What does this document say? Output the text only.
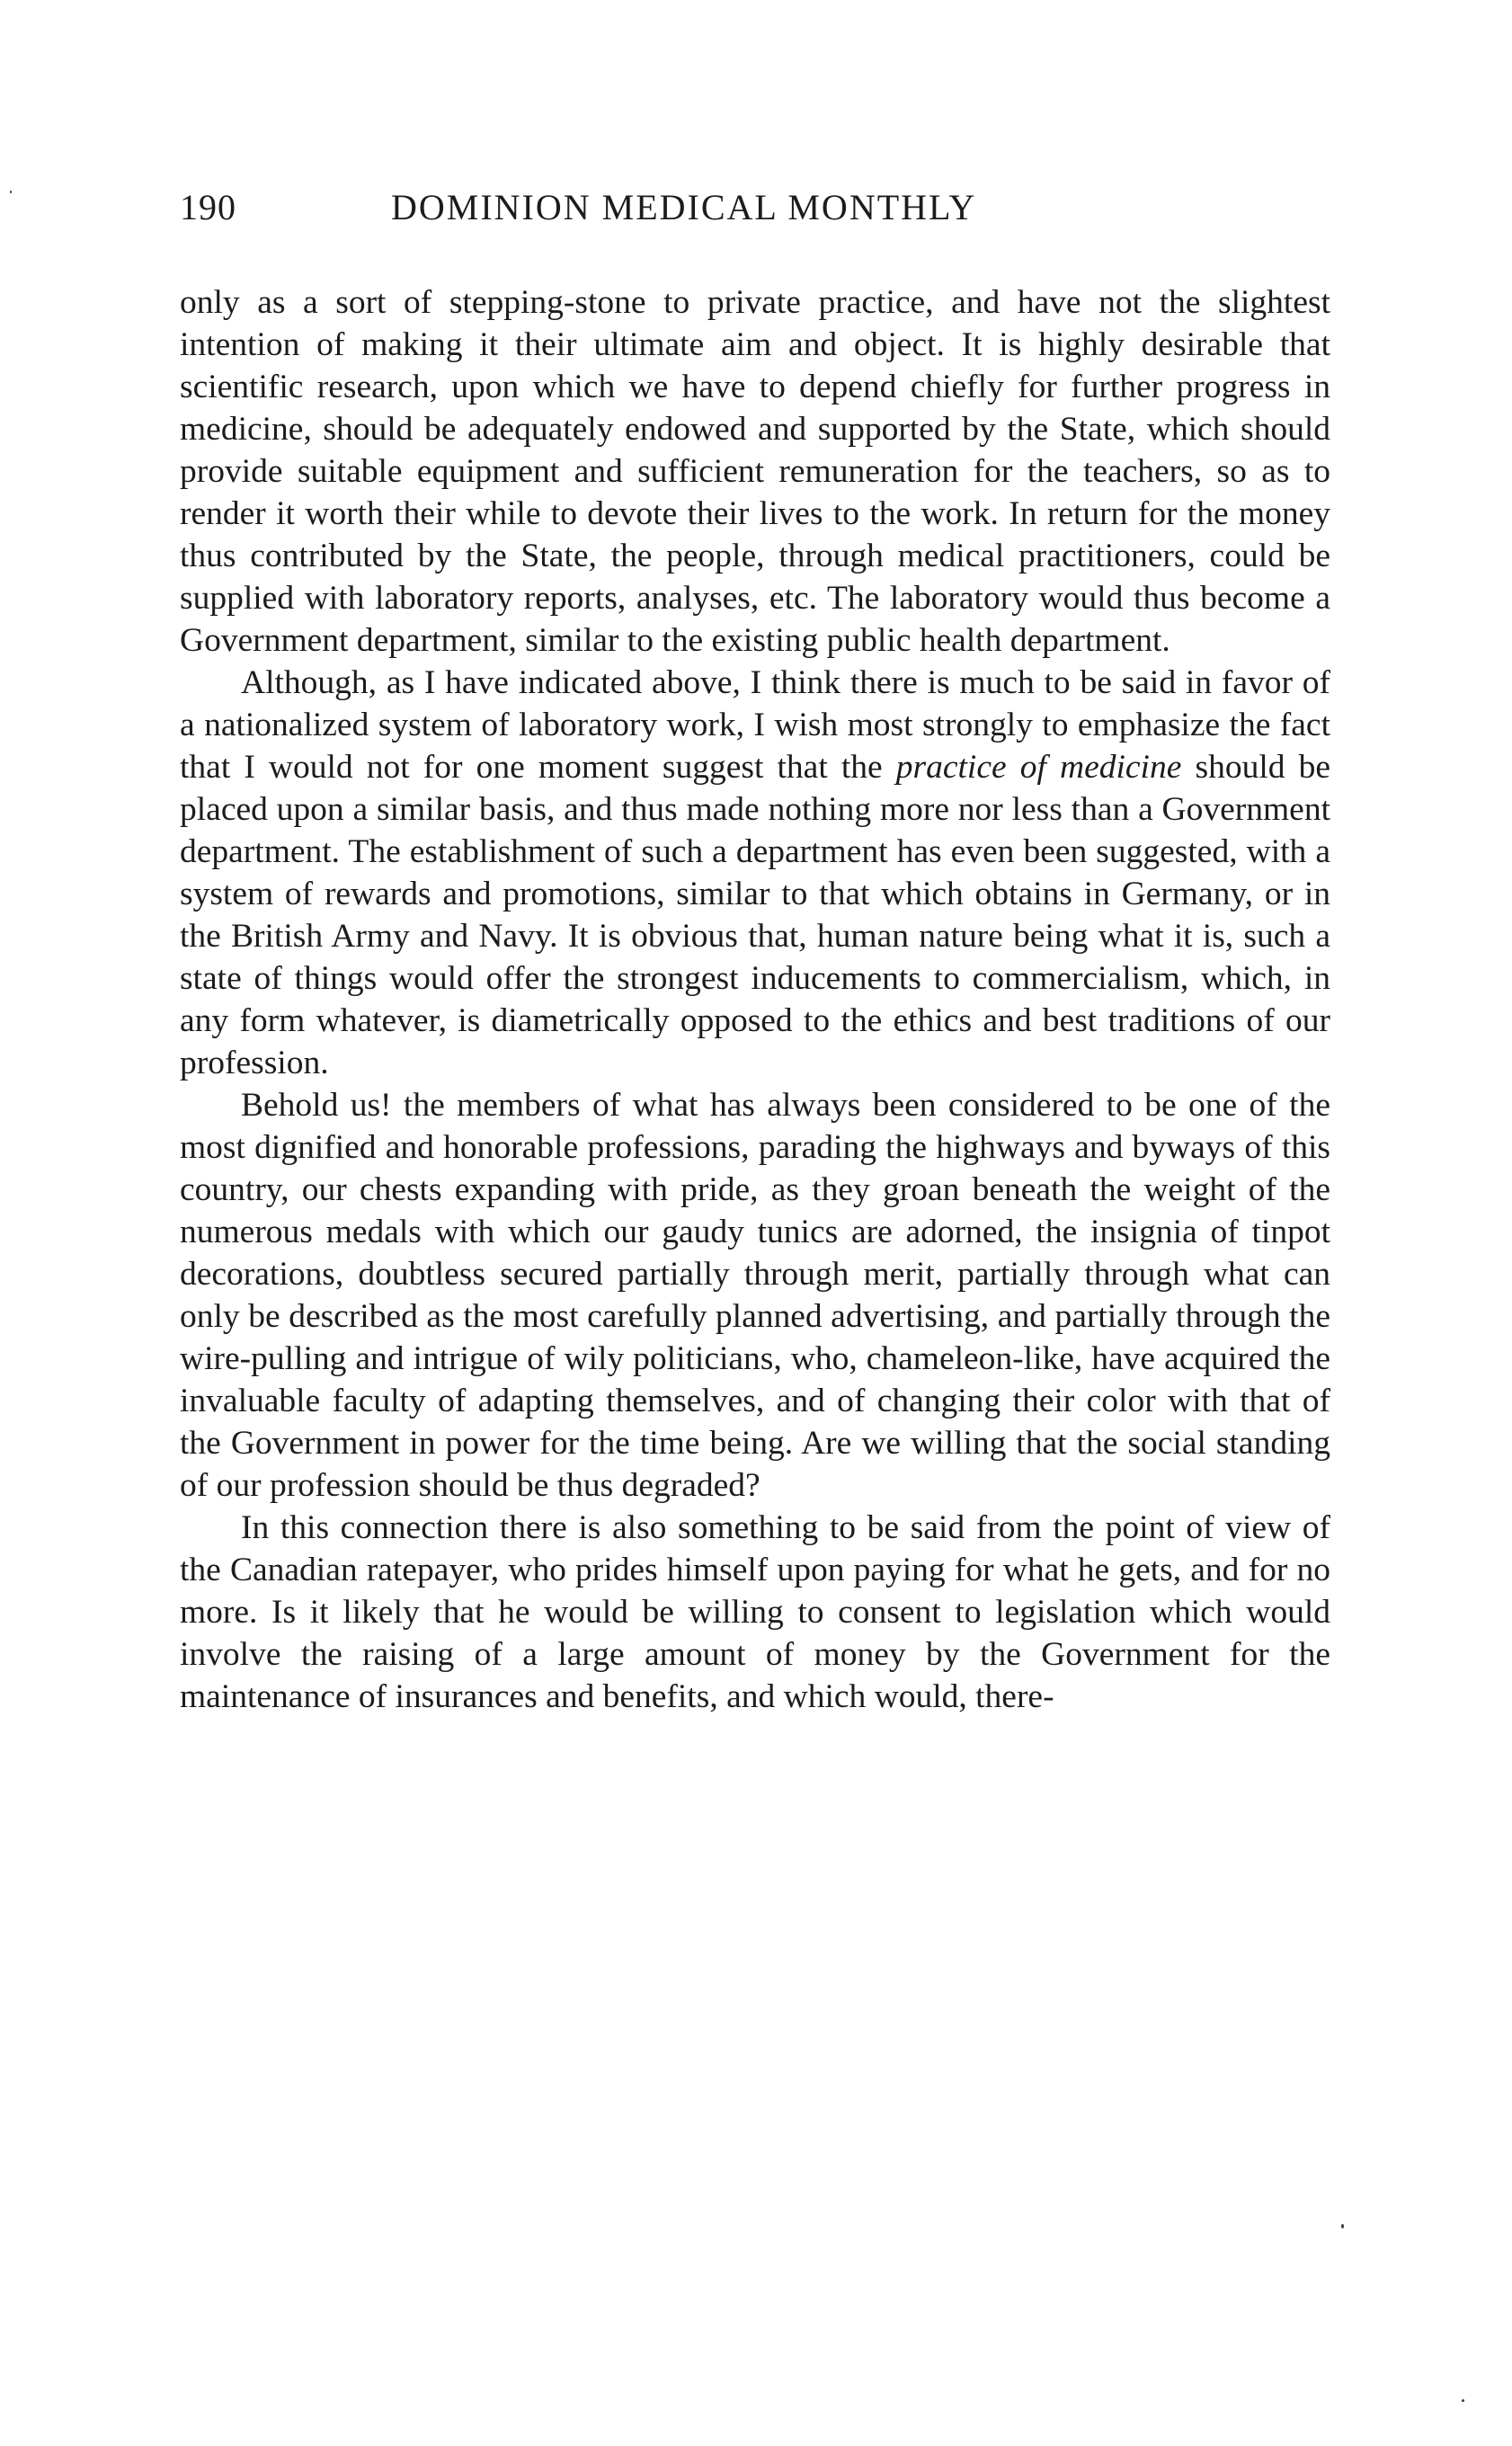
190	DOMINION MEDICAL MONTHLY

only as a sort of stepping-stone to private practice, and have not the slightest intention of making it their ultimate aim and object. It is highly desirable that scientific research, upon which we have to depend chiefly for further progress in medicine, should be adequately endowed and supported by the State, which should provide suitable equipment and sufficient remuneration for the teachers, so as to render it worth their while to devote their lives to the work. In return for the money thus contributed by the State, the people, through medical practitioners, could be supplied with laboratory reports, analyses, etc. The laboratory would thus become a Government department, similar to the existing public health department.

Although, as I have indicated above, I think there is much to be said in favor of a nationalized system of laboratory work, I wish most strongly to emphasize the fact that I would not for one moment suggest that the practice of medicine should be placed upon a similar basis, and thus made nothing more nor less than a Government department. The establishment of such a department has even been suggested, with a system of rewards and promotions, similar to that which obtains in Germany, or in the British Army and Navy. It is obvious that, human nature being what it is, such a state of things would offer the strongest inducements to commercialism, which, in any form whatever, is diametrically opposed to the ethics and best traditions of our profession.

Behold us! the members of what has always been considered to be one of the most dignified and honorable professions, parading the highways and byways of this country, our chests expanding with pride, as they groan beneath the weight of the numerous medals with which our gaudy tunics are adorned, the insignia of tinpot decorations, doubtless secured partially through merit, partially through what can only be described as the most carefully planned advertising, and partially through the wire-pulling and intrigue of wily politicians, who, chameleon-like, have acquired the invaluable faculty of adapting themselves, and of changing their color with that of the Government in power for the time being. Are we willing that the social standing of our profession should be thus degraded?

In this connection there is also something to be said from the point of view of the Canadian ratepayer, who prides himself upon paying for what he gets, and for no more. Is it likely that he would be willing to consent to legislation which would involve the raising of a large amount of money by the Government for the maintenance of insurances and benefits, and which would, there-
